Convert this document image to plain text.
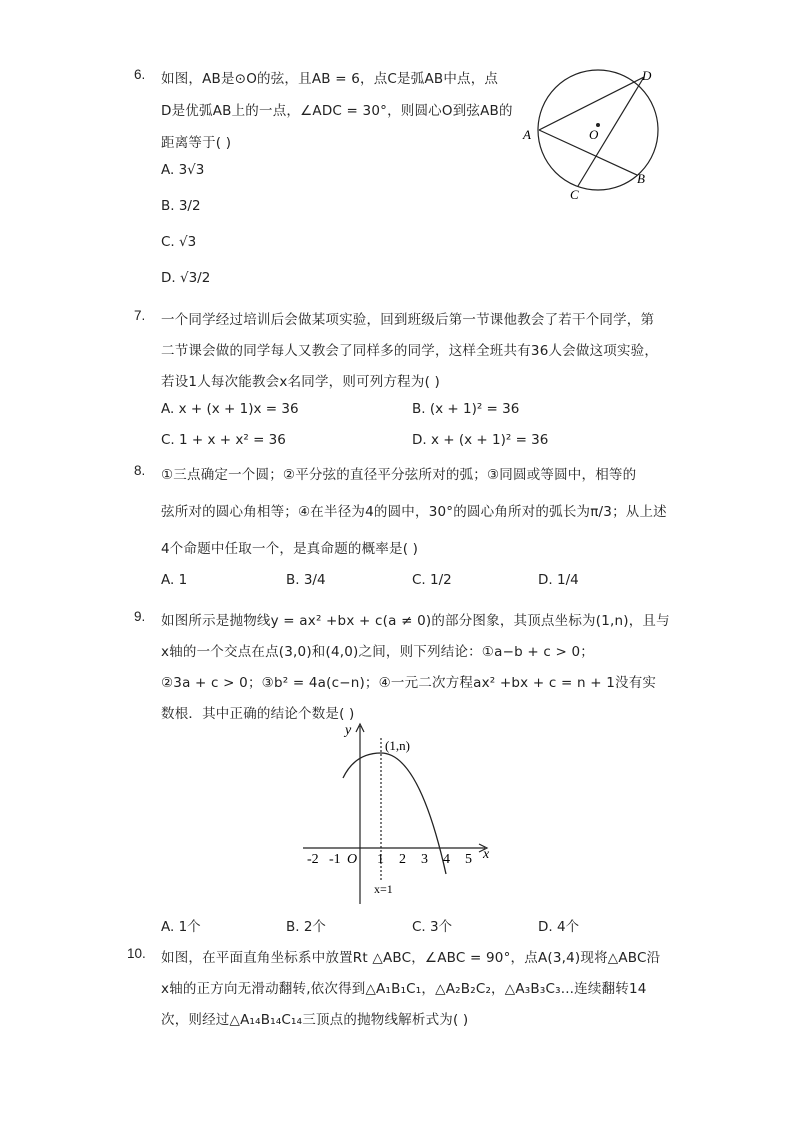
6. 如图，AB是⊙O的弦，且AB = 6，点C是弧AB中点，点
D是优弧AB上的一点，∠ADC = 30°，则圆心O到弦AB的
距离等于( )
A. 3√3
B. 3/2
C. √3
D. √3/2
D
A	O
B
C
7. 一个同学经过培训后会做某项实验，回到班级后第一节课他教会了若干个同学，第
二节课会做的同学每人又教会了同样多的同学，这样全班共有36人会做这项实验，
若设1人每次能教会x名同学，则可列方程为( )
A. x + (x + 1)x = 36	B. (x + 1)² = 36
C. 1 + x + x² = 36	D. x + (x + 1)² = 36
8. ①三点确定一个圆；②平分弦的直径平分弦所对的弧；③同圆或等圆中，相等的
弦所对的圆心角相等；④在半径为4的圆中，30°的圆心角所对的弧长为π/3；从上述
4个命题中任取一个，是真命题的概率是( )
A. 1	B. 3/4	C. 1/2	D. 1/4
9. 如图所示是抛物线y = ax² +bx + c(a ≠ 0)的部分图象，其顶点坐标为(1,n)，且与
x轴的一个交点在点(3,0)和(4,0)之间，则下列结论：①a−b + c > 0；
②3a + c > 0；③b² = 4a(c−n)；④一元二次方程ax² +bx + c = n + 1没有实
数根．其中正确的结论个数是( )
y
x
(1,n)
x=1
-2 -1 O 1 2 3 4 5
A. 1个	B. 2个	C. 3个	D. 4个
10. 如图，在平面直角坐标系中放置Rt △ABC，∠ABC = 90°，点A(3,4)现将△ABC沿
x轴的正方向无滑动翻转,依次得到△A₁B₁C₁，△A₂B₂C₂，△A₃B₃C₃...连续翻转14
次，则经过△A₁₄B₁₄C₁₄三顶点的抛物线解析式为( )
